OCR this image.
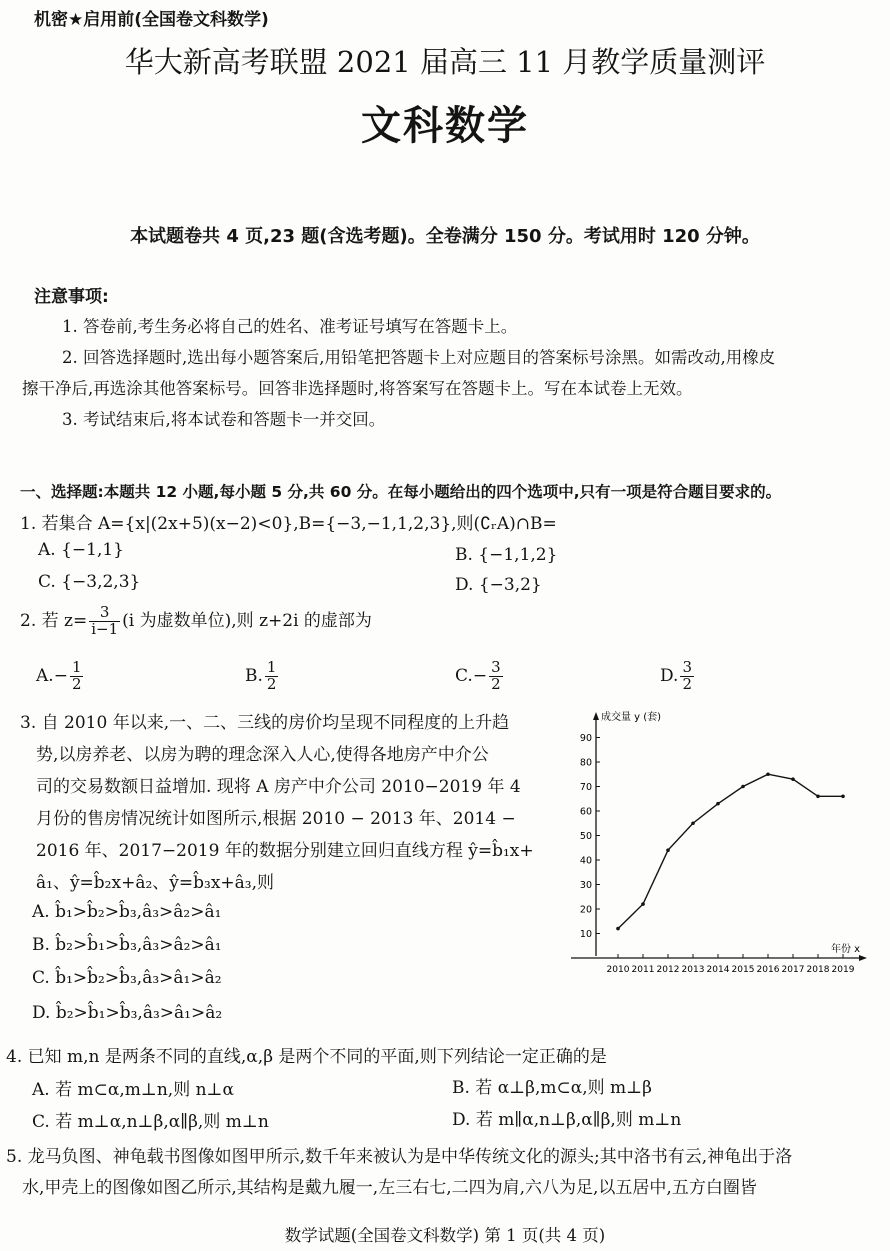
机密★启用前(全国卷文科数学)
华大新高考联盟 2021 届高三 11 月教学质量测评
文科数学
本试题卷共 4 页,23 题(含选考题)。全卷满分 150 分。考试用时 120 分钟。
注意事项:
1. 答卷前,考生务必将自己的姓名、准考证号填写在答题卡上。
2. 回答选择题时,选出每小题答案后,用铅笔把答题卡上对应题目的答案标号涂黑。如需改动,用橡皮
擦干净后,再选涂其他答案标号。回答非选择题时,将答案写在答题卡上。写在本试卷上无效。
3. 考试结束后,将本试卷和答题卡一并交回。
一、选择题:本题共 12 小题,每小题 5 分,共 60 分。在每小题给出的四个选项中,只有一项是符合题目要求的。
1. 若集合 A={x|(2x+5)(x−2)<0},B={−3,−1,1,2,3},则(∁ᵣA)∩B=
A. {−1,1}	B. {−1,1,2}
C. {−3,2,3}	D. {−3,2}
2. 若 $z= \frac{3}{i-1} (i$ 为虚数单位),则 z+2i 的虚部为
$A.- \frac{1}{2}$	B. $\frac{1}{2}$	$C.- \frac{3}{2}$	D. $\frac{3}{2}$
3. 自 2010 年以来,一、二、三线的房价均呈现不同程度的上升趋
势,以房养老、以房为聘的理念深入人心,使得各地房产中介公
司的交易数额日益增加. 现将 A 房产中介公司 2010−2019 年 4
月份的售房情况统计如图所示,根据 2010 − 2013 年、2014 −
2016 年、2017−2019 年的数据分别建立回归直线方程 ŷ=b̂₁x+
â₁、ŷ=b̂₂x+â₂、ŷ=b̂₃x+â₃,则
A. b̂₁>b̂₂>b̂₃,â₃>â₂>â₁
B. b̂₂>b̂₁>b̂₃,â₃>â₂>â₁
C. b̂₁>b̂₂>b̂₃,â₃>â₁>â₂
D. b̂₂>b̂₁>b̂₃,â₃>â₁>â₂
成交量 y (套)
年份 x
10
20
30
40
50
60
70
80
90
2010 2011 2012 2013 2014 2015 2016 2017 2018 2019
4. 已知 m,n 是两条不同的直线,α,β 是两个不同的平面,则下列结论一定正确的是
A. 若 m⊂α,m⊥n,则 n⊥α	B. 若 α⊥β,m⊂α,则 m⊥β
C. 若 m⊥α,n⊥β,α∥β,则 m⊥n	D. 若 m∥α,n⊥β,α∥β,则 m⊥n
5. 龙马负图、神龟载书图像如图甲所示,数千年来被认为是中华传统文化的源头;其中洛书有云,神龟出于洛
水,甲壳上的图像如图乙所示,其结构是戴九履一,左三右七,二四为肩,六八为足,以五居中,五方白圈皆
数学试题(全国卷文科数学) 第 1 页(共 4 页)
